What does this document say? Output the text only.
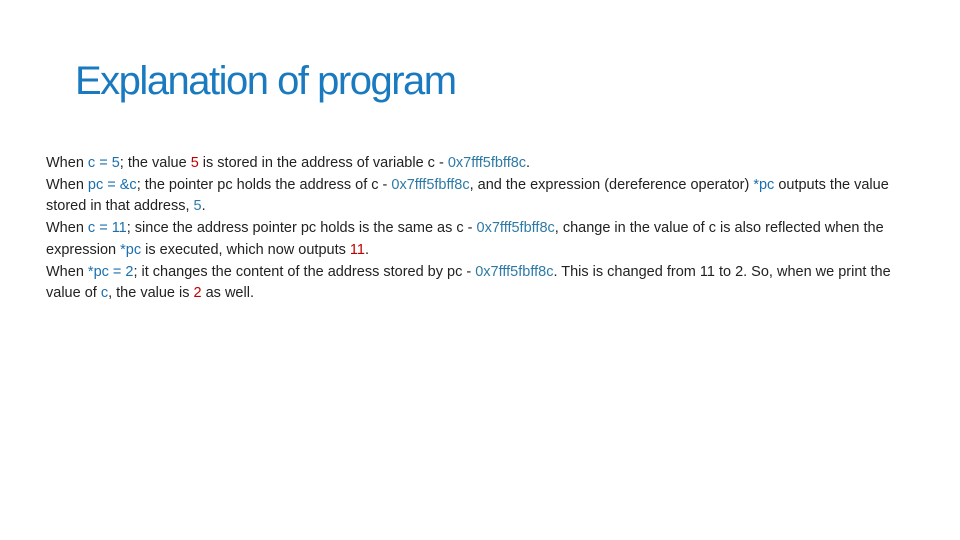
Explanation of program

When c = 5; the value 5 is stored in the address of variable c - 0x7fff5fbff8c.

When pc = &c; the pointer pc holds the address of c - 0x7fff5fbff8c, and the expression (dereference operator) *pc outputs the value stored in that address, 5.

When c = 11; since the address pointer pc holds is the same as c - 0x7fff5fbff8c, change in the value of c is also reflected when the expression *pc is executed, which now outputs 11.

When *pc = 2; it changes the content of the address stored by pc - 0x7fff5fbff8c. This is changed from 11 to 2. So, when we print the value of c, the value is 2 as well.
